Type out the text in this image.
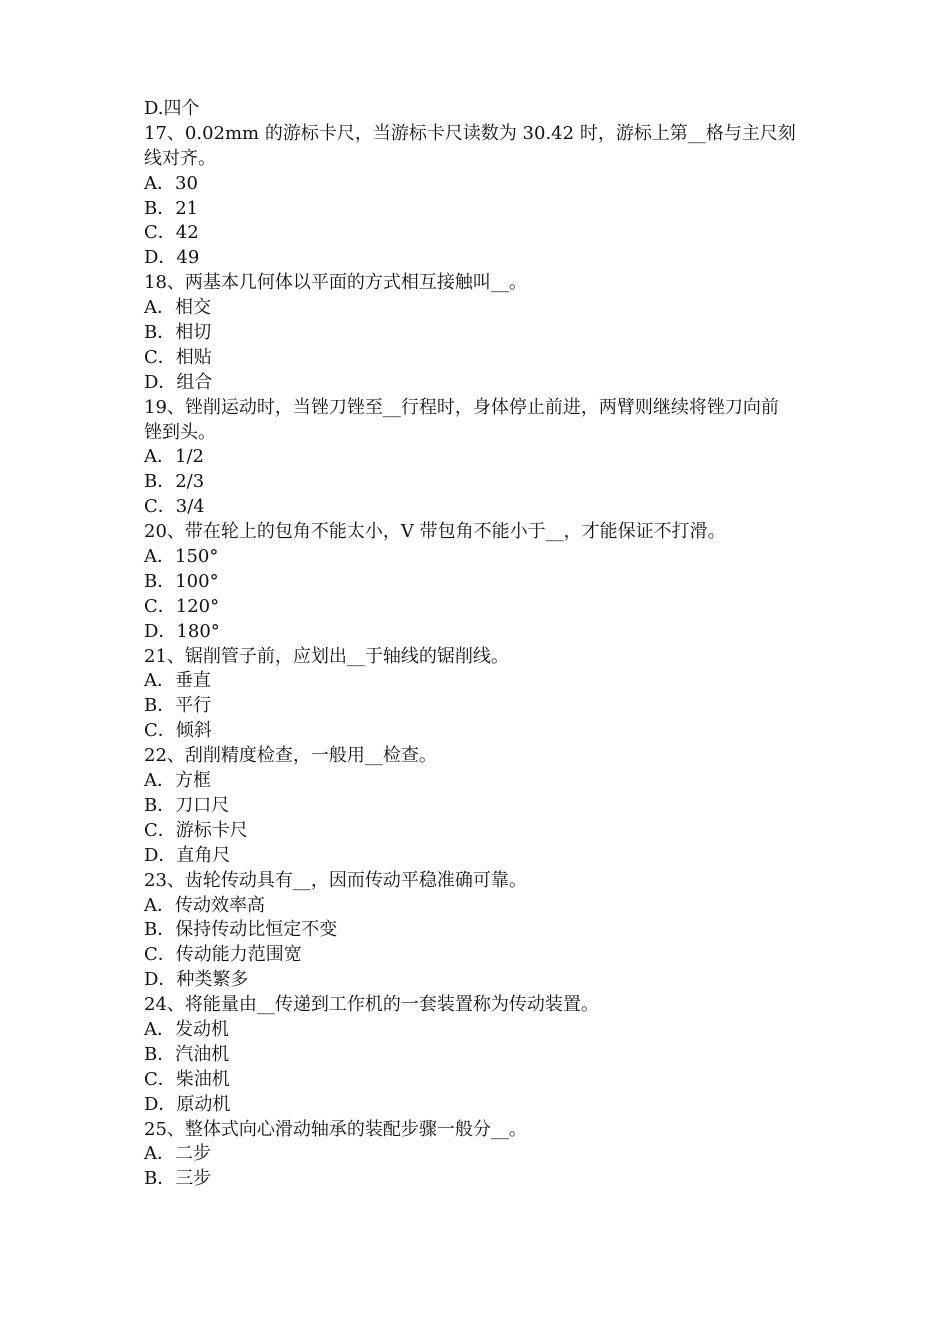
D.四个
17、0.02mm 的游标卡尺，当游标卡尺读数为 30.42 时，游标上第__格与主尺刻
线对齐。
A．30
B．21
C．42
D．49
18、两基本几何体以平面的方式相互接触叫__。
A．相交
B．相切
C．相贴
D．组合
19、锉削运动时，当锉刀锉至__行程时，身体停止前进，两臂则继续将锉刀向前
锉到头。
A．1/2
B．2/3
C．3/4
20、带在轮上的包角不能太小，V 带包角不能小于__，才能保证不打滑。
A．150°
B．100°
C．120°
D．180°
21、锯削管子前，应划出__于轴线的锯削线。
A．垂直
B．平行
C．倾斜
22、刮削精度检查，一般用__检查。
A．方框
B．刀口尺
C．游标卡尺
D．直角尺
23、齿轮传动具有__，因而传动平稳准确可靠。
A．传动效率高
B．保持传动比恒定不变
C．传动能力范围宽
D．种类繁多
24、将能量由__传递到工作机的一套装置称为传动装置。
A．发动机
B．汽油机
C．柴油机
D．原动机
25、整体式向心滑动轴承的装配步骤一般分__。
A．二步
B．三步
